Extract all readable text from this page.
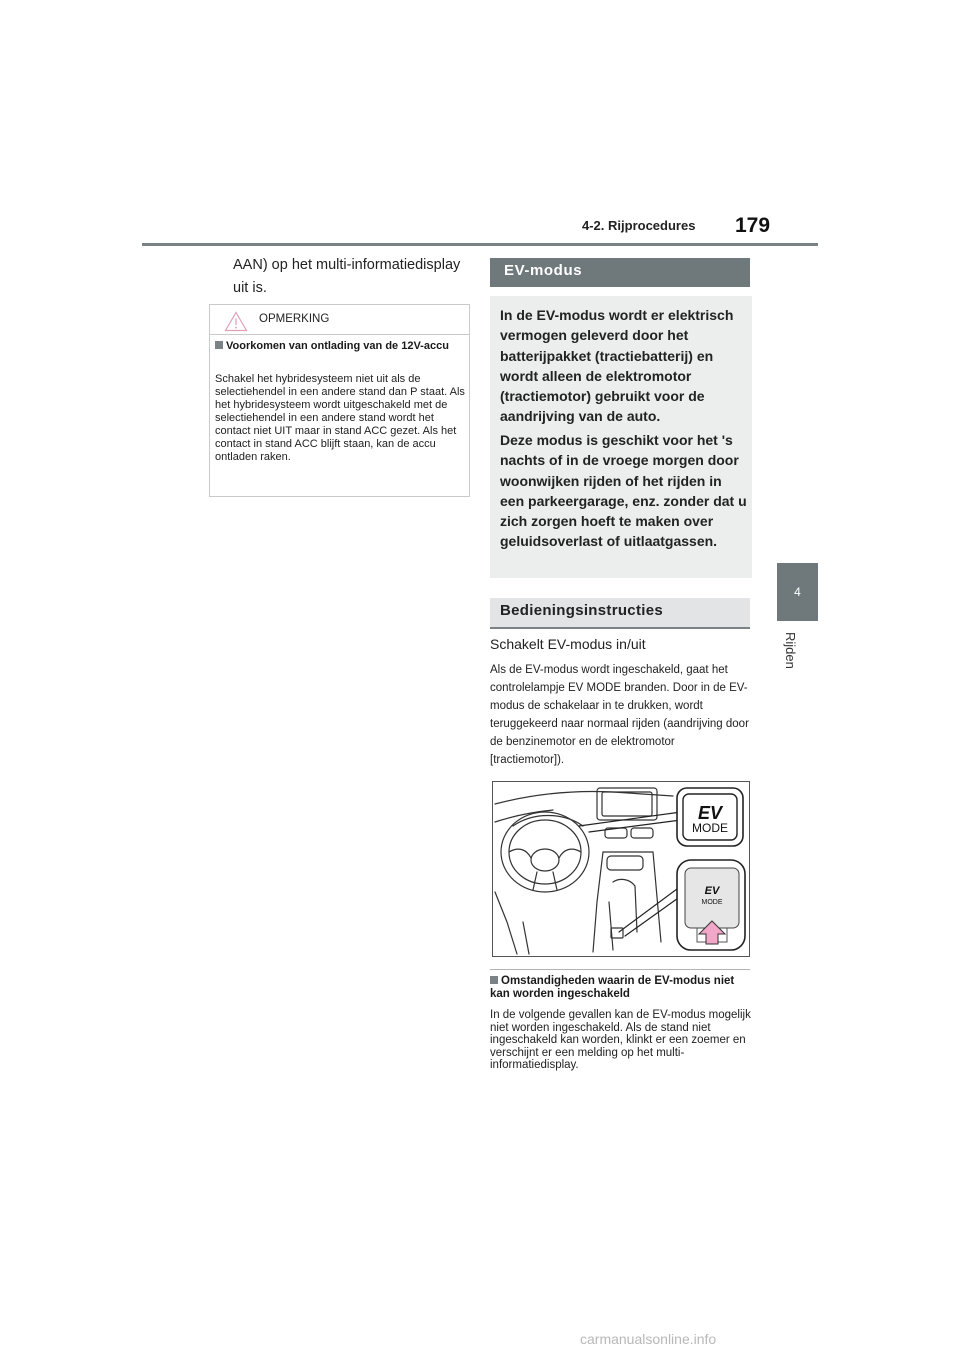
4-2. Rijprocedures 179
4
Rijden
AAN) op het multi-informatiedisplay uit is.
OPMERKING
Voorkomen van ontlading van de 12V-accu
Schakel het hybridesysteem niet uit als de selectiehendel in een andere stand dan P staat. Als het hybridesysteem wordt uitgeschakeld met de selectiehendel in een andere stand wordt het contact niet UIT maar in stand ACC gezet. Als het contact in stand ACC blijft staan, kan de accu ontladen raken.
EV-modus
In de EV-modus wordt er elektrisch vermogen geleverd door het batterijpakket (tractiebatterij) en wordt alleen de elektromotor (tractiemotor) gebruikt voor de aandrijving van de auto.
Deze modus is geschikt voor het 's nachts of in de vroege morgen door woonwijken rijden of het rijden in een parkeergarage, enz. zonder dat u zich zorgen hoeft te maken over geluidsoverlast of uitlaatgassen.
Bedieningsinstructies
Schakelt EV-modus in/uit
Als de EV-modus wordt ingeschakeld, gaat het controlelampje EV MODE branden. Door in de EV-modus de schakelaar in te drukken, wordt teruggekeerd naar normaal rijden (aandrijving door de benzinemotor en de elektromotor [tractiemotor]).
EV
MODE
EV
MODE
Omstandigheden waarin de EV-modus niet kan worden ingeschakeld
In de volgende gevallen kan de EV-modus mogelijk niet worden ingeschakeld. Als de stand niet ingeschakeld kan worden, klinkt er een zoemer en verschijnt er een melding op het multi-informatiedisplay.
carmanualsonline.info
